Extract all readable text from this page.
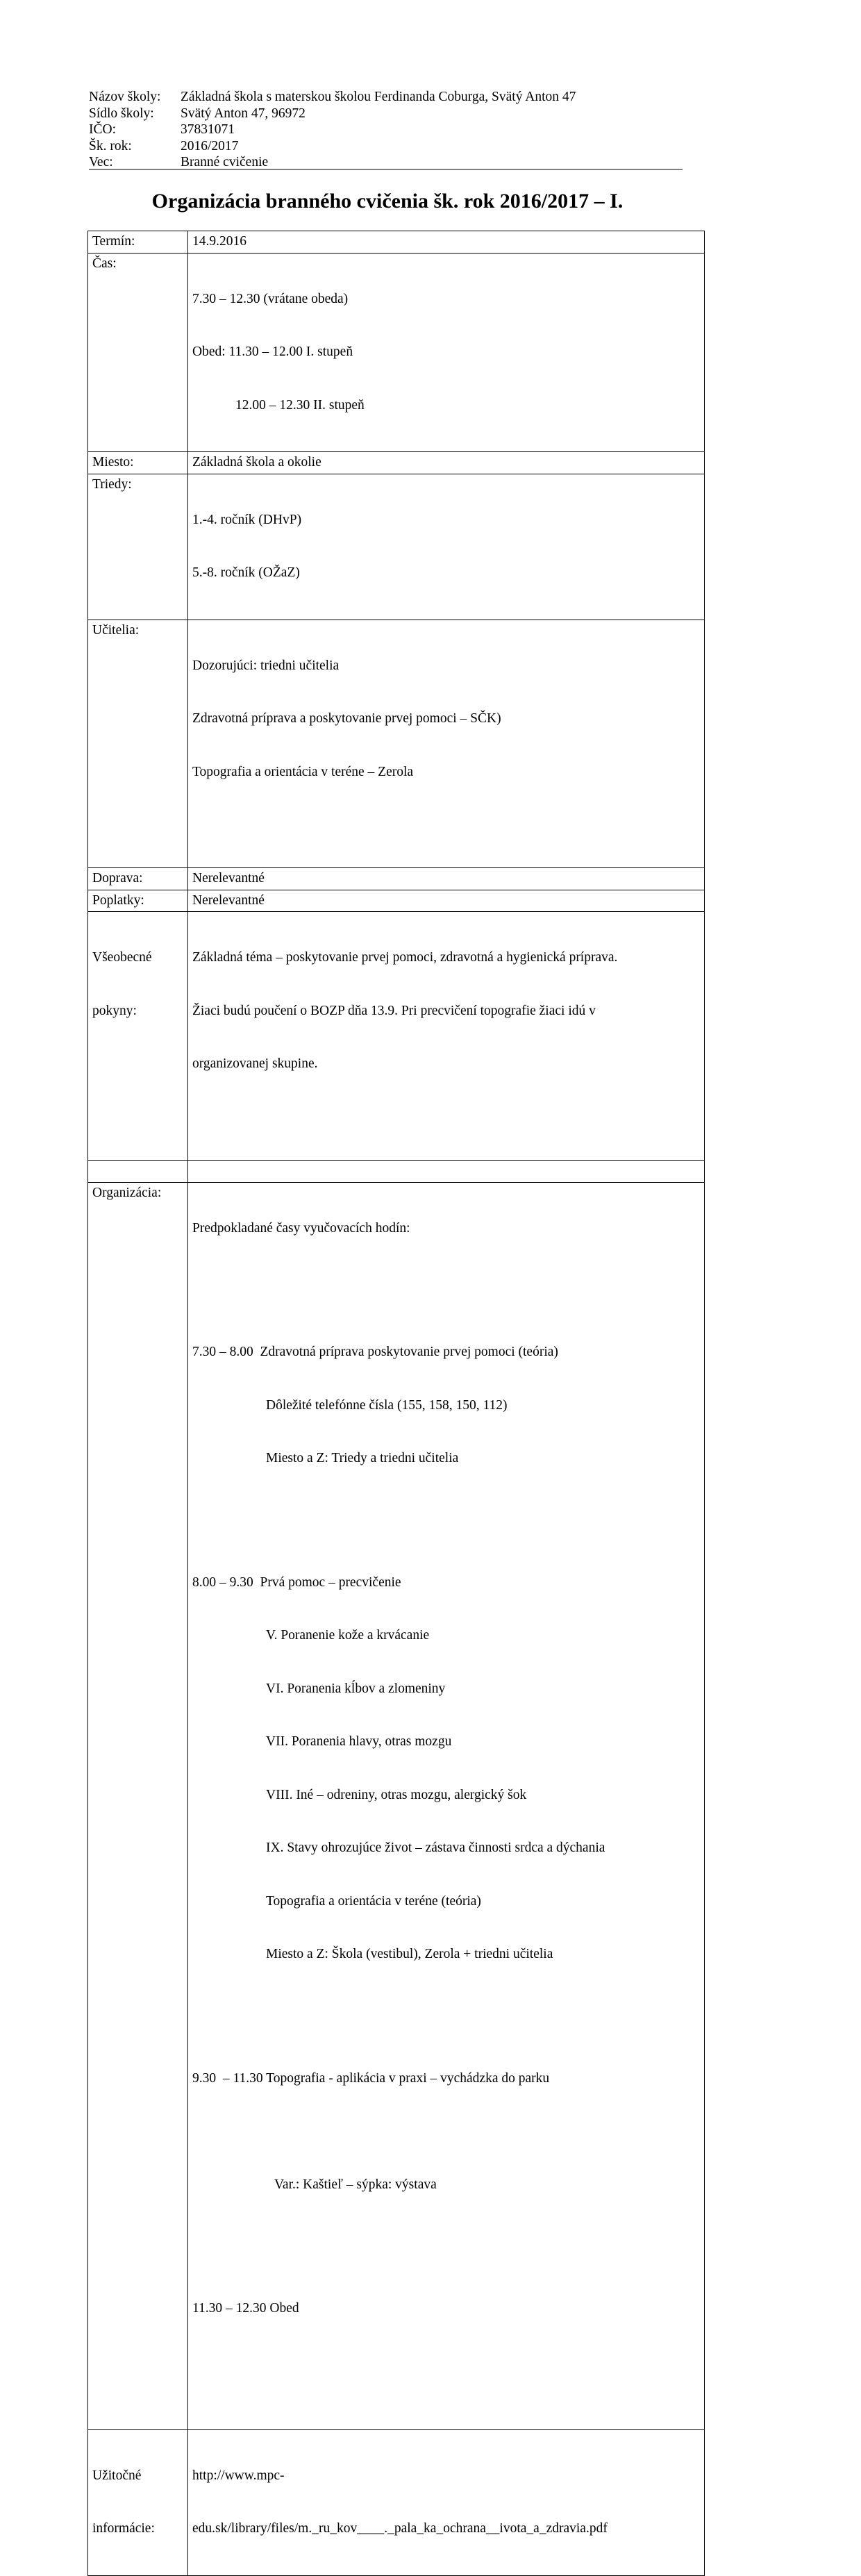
Názov školy:	Základná škola s materskou školou Ferdinanda Coburga, Svätý Anton 47
Sídlo školy:	Svätý Anton 47, 96972
IČO:	37831071
Šk. rok:	2016/2017
Vec:	Branné cvičenie
Organizácia branného cvičenia šk. rok 2016/2017 – I.
Termín:	14.9.2016
Čas:	7.30 – 12.30 (vrátane obeda)

Obed: 11.30 – 12.00 I. stupeň

12.00 – 12.30 II. stupeň

Miesto:	Základná škola a okolie
Triedy:	1.-4. ročník (DHvP)

5.-8. ročník (OŽaZ)

Učitelia:	Dozorujúci: triedni učitelia

Zdravotná príprava a poskytovanie prvej pomoci – SČK)

Topografia a orientácia v teréne – Zerola

Doprava:	Nerelevantné
Poplatky:	Nerelevantné

Všeobecné

pokyny:	Základná téma – poskytovanie prvej pomoci, zdravotná a hygienická príprava.

Žiaci budú poučení o BOZP dňa 13.9. Pri precvičení topografie žiaci idú v

organizovanej skupine.

Organizácia:	

Predpokladané časy vyučovacích hodín:

7.30 – 8.00  Zdravotná príprava poskytovanie prvej pomoci (teória)

Dôležité telefónne čísla (155, 158, 150, 112)

Miesto a Z: Triedy a triedni učitelia

8.00 – 9.30  Prvá pomoc – precvičenie

V. Poranenie kože a krvácanie

VI. Poranenia kĺbov a zlomeniny

VII. Poranenia hlavy, otras mozgu

VIII. Iné – odreniny, otras mozgu, alergický šok

IX. Stavy ohrozujúce život – zástava činnosti srdca a dýchania

Topografia a orientácia v teréne (teória)

Miesto a Z: Škola (vestibul), Zerola + triedni učitelia

9.30  – 11.30 Topografia - aplikácia v praxi – vychádzka do parku

Var.: Kaštieľ – sýpka: výstava

11.30 – 12.30 Obed

Užitočné

informácie:	http://www.mpc-

edu.sk/library/files/m._ru_kov____._pala_ka_ochrana__ivota_a_zdravia.pdf
